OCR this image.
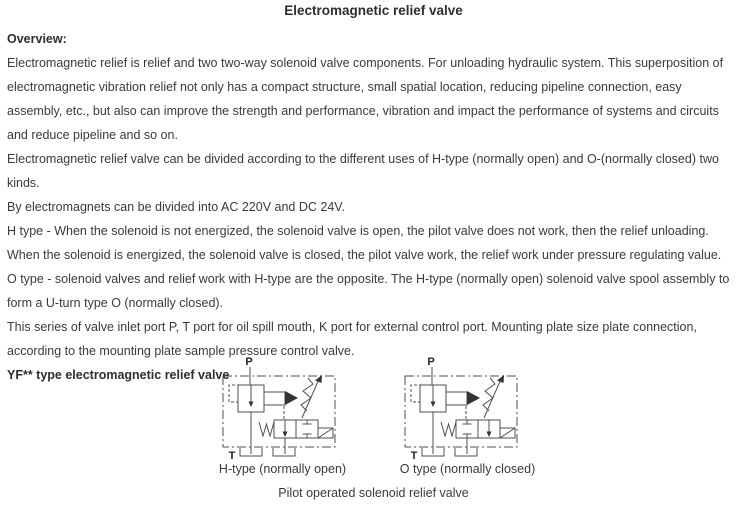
Electromagnetic relief valve

Overview:

Electromagnetic relief is relief and two two-way solenoid valve components. For unloading hydraulic system. This superposition of electromagnetic vibration relief not only has a compact structure, small spatial location, reducing pipeline connection, easy assembly, etc., but also can improve the strength and performance, vibration and impact the performance of systems and circuits and reduce pipeline and so on.

Electromagnetic relief valve can be divided according to the different uses of H-type (normally open) and O-(normally closed) two kinds.

By electromagnets can be divided into AC 220V and DC 24V.

H type - When the solenoid is not energized, the solenoid valve is open, the pilot valve does not work, then the relief unloading. When the solenoid is energized, the solenoid valve is closed, the pilot valve work, the relief work under pressure regulating value.

O type - solenoid valves and relief work with H-type are the opposite. The H-type (normally open) solenoid valve spool assembly to form a U-turn type O (normally closed).

This series of valve inlet port P, T port for oil spill mouth, K port for external control port. Mounting plate size plate connection, according to the mounting plate sample pressure control valve.

YF** type electromagnetic relief valve

P
T
P
T
H-type (normally open)	O type (normally closed)
Pilot operated solenoid relief valve
